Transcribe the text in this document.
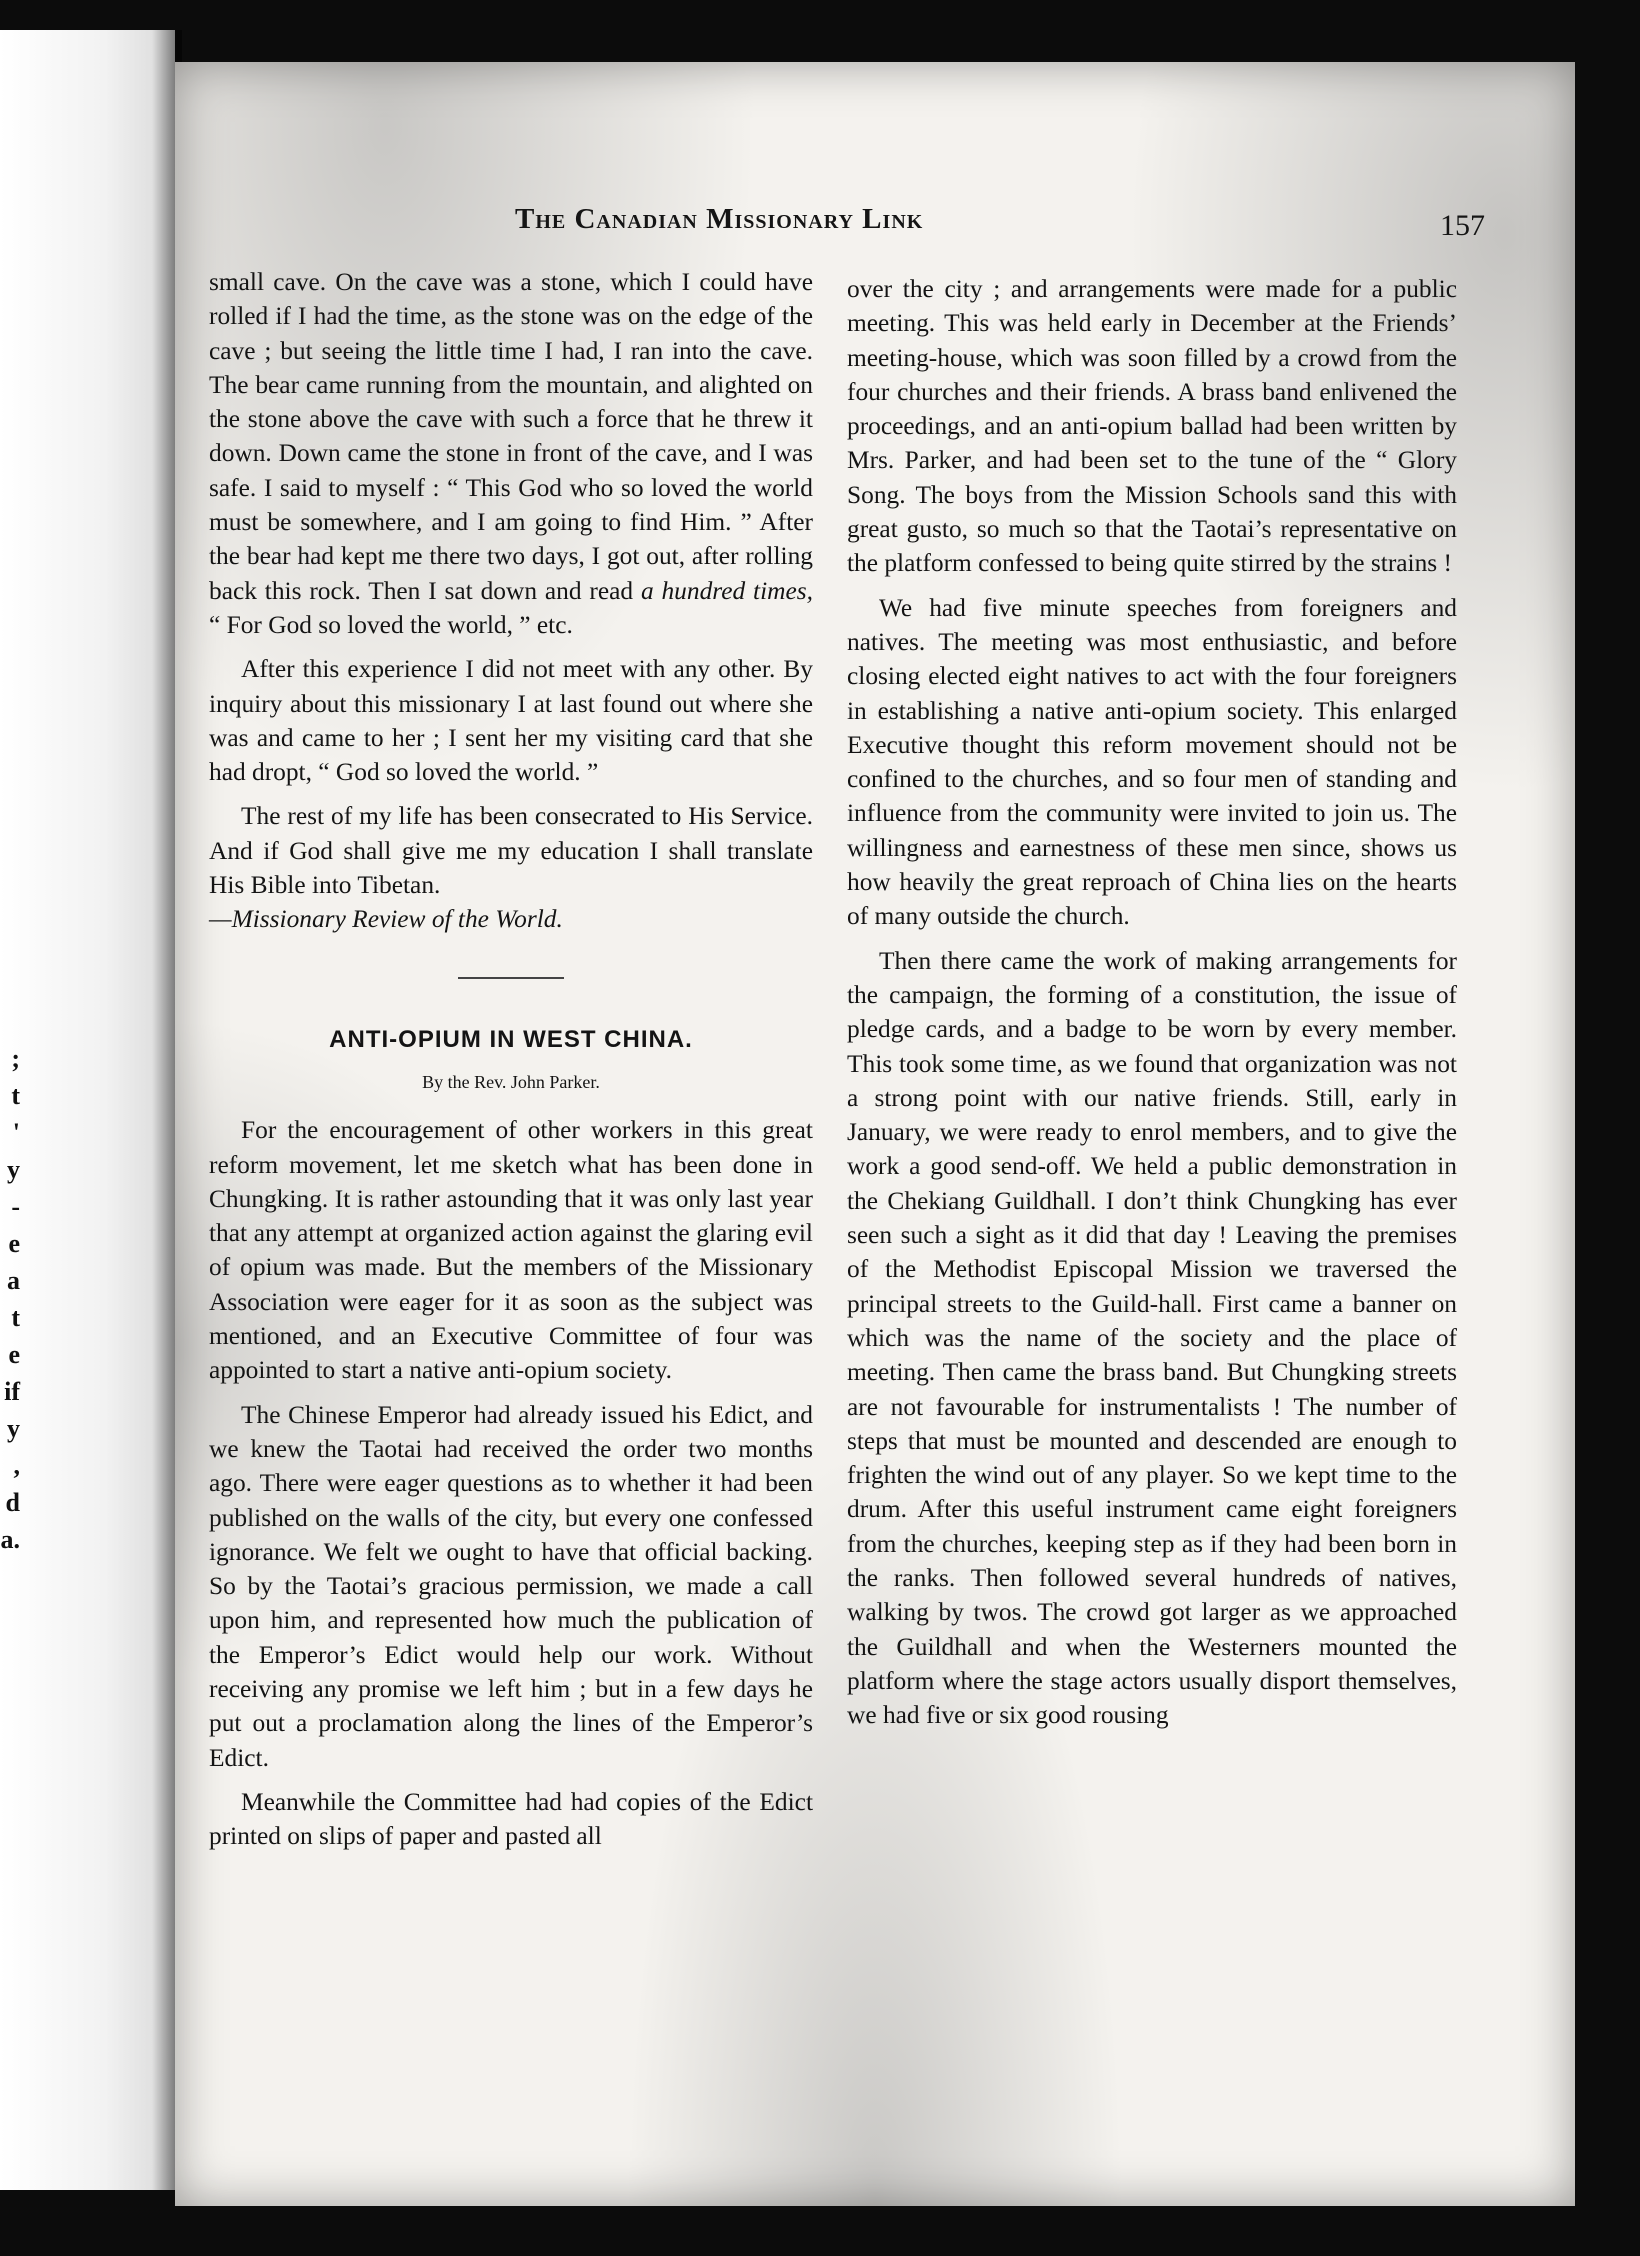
;
t
'
y
-
e
a
t
e
if
y
,
d
a.
The Canadian Missionary Link	157

small cave. On the cave was a stone, which I could have rolled if I had the time, as the stone was on the edge of the cave ; but seeing the little time I had, I ran into the cave. The bear came running from the mountain, and alighted on the stone above the cave with such a force that he threw it down. Down came the stone in front of the cave, and I was safe. I said to myself : “ This God who so loved the world must be somewhere, and I am going to find Him. ” After the bear had kept me there two days, I got out, after rolling back this rock. Then I sat down and read a hundred times, “ For God so loved the world, ” etc.

After this experience I did not meet with any other. By inquiry about this missionary I at last found out where she was and came to her ; I sent her my visiting card that she had dropt, “ God so loved the world. ”

The rest of my life has been consecrated to His Service. And if God shall give me my education I shall translate His Bible into Tibetan.

—Missionary Review of the World.

ANTI-OPIUM IN WEST CHINA.
By the Rev. John Parker.

For the encouragement of other workers in this great reform movement, let me sketch what has been done in Chungking. It is rather astounding that it was only last year that any attempt at organized action against the glaring evil of opium was made. But the members of the Missionary Association were eager for it as soon as the subject was mentioned, and an Executive Committee of four was appointed to start a native anti-opium society.

The Chinese Emperor had already issued his Edict, and we knew the Taotai had received the order two months ago. There were eager questions as to whether it had been published on the walls of the city, but every one confessed ignorance. We felt we ought to have that official backing. So by the Taotai’s gracious permission, we made a call upon him, and represented how much the publication of the Emperor’s Edict would help our work. Without receiving any promise we left him ; but in a few days he put out a proclamation along the lines of the Emperor’s Edict.

Meanwhile the Committee had had copies of the Edict printed on slips of paper and pasted all

over the city ; and arrangements were made for a public meeting. This was held early in December at the Friends’ meeting-house, which was soon filled by a crowd from the four churches and their friends. A brass band enlivened the proceedings, and an anti-opium ballad had been written by Mrs. Parker, and had been set to the tune of the “ Glory Song. The boys from the Mission Schools sand this with great gusto, so much so that the Taotai’s representative on the platform confessed to being quite stirred by the strains !

We had five minute speeches from foreigners and natives. The meeting was most enthusiastic, and before closing elected eight natives to act with the four foreigners in establishing a native anti-opium society. This enlarged Executive thought this reform movement should not be confined to the churches, and so four men of standing and influence from the community were invited to join us. The willingness and earnestness of these men since, shows us how heavily the great reproach of China lies on the hearts of many outside the church.

Then there came the work of making arrangements for the campaign, the forming of a constitution, the issue of pledge cards, and a badge to be worn by every member. This took some time, as we found that organization was not a strong point with our native friends. Still, early in January, we were ready to enrol members, and to give the work a good send-off. We held a public demonstration in the Chekiang Guildhall. I don’t think Chungking has ever seen such a sight as it did that day ! Leaving the premises of the Methodist Episcopal Mission we traversed the principal streets to the Guild-hall. First came a banner on which was the name of the society and the place of meeting. Then came the brass band. But Chungking streets are not favourable for instrumentalists ! The number of steps that must be mounted and descended are enough to frighten the wind out of any player. So we kept time to the drum. After this useful instrument came eight foreigners from the churches, keeping step as if they had been born in the ranks. Then followed several hundreds of natives, walking by twos. The crowd got larger as we approached the Guildhall and when the Westerners mounted the platform where the stage actors usually disport themselves, we had five or six good rousing
